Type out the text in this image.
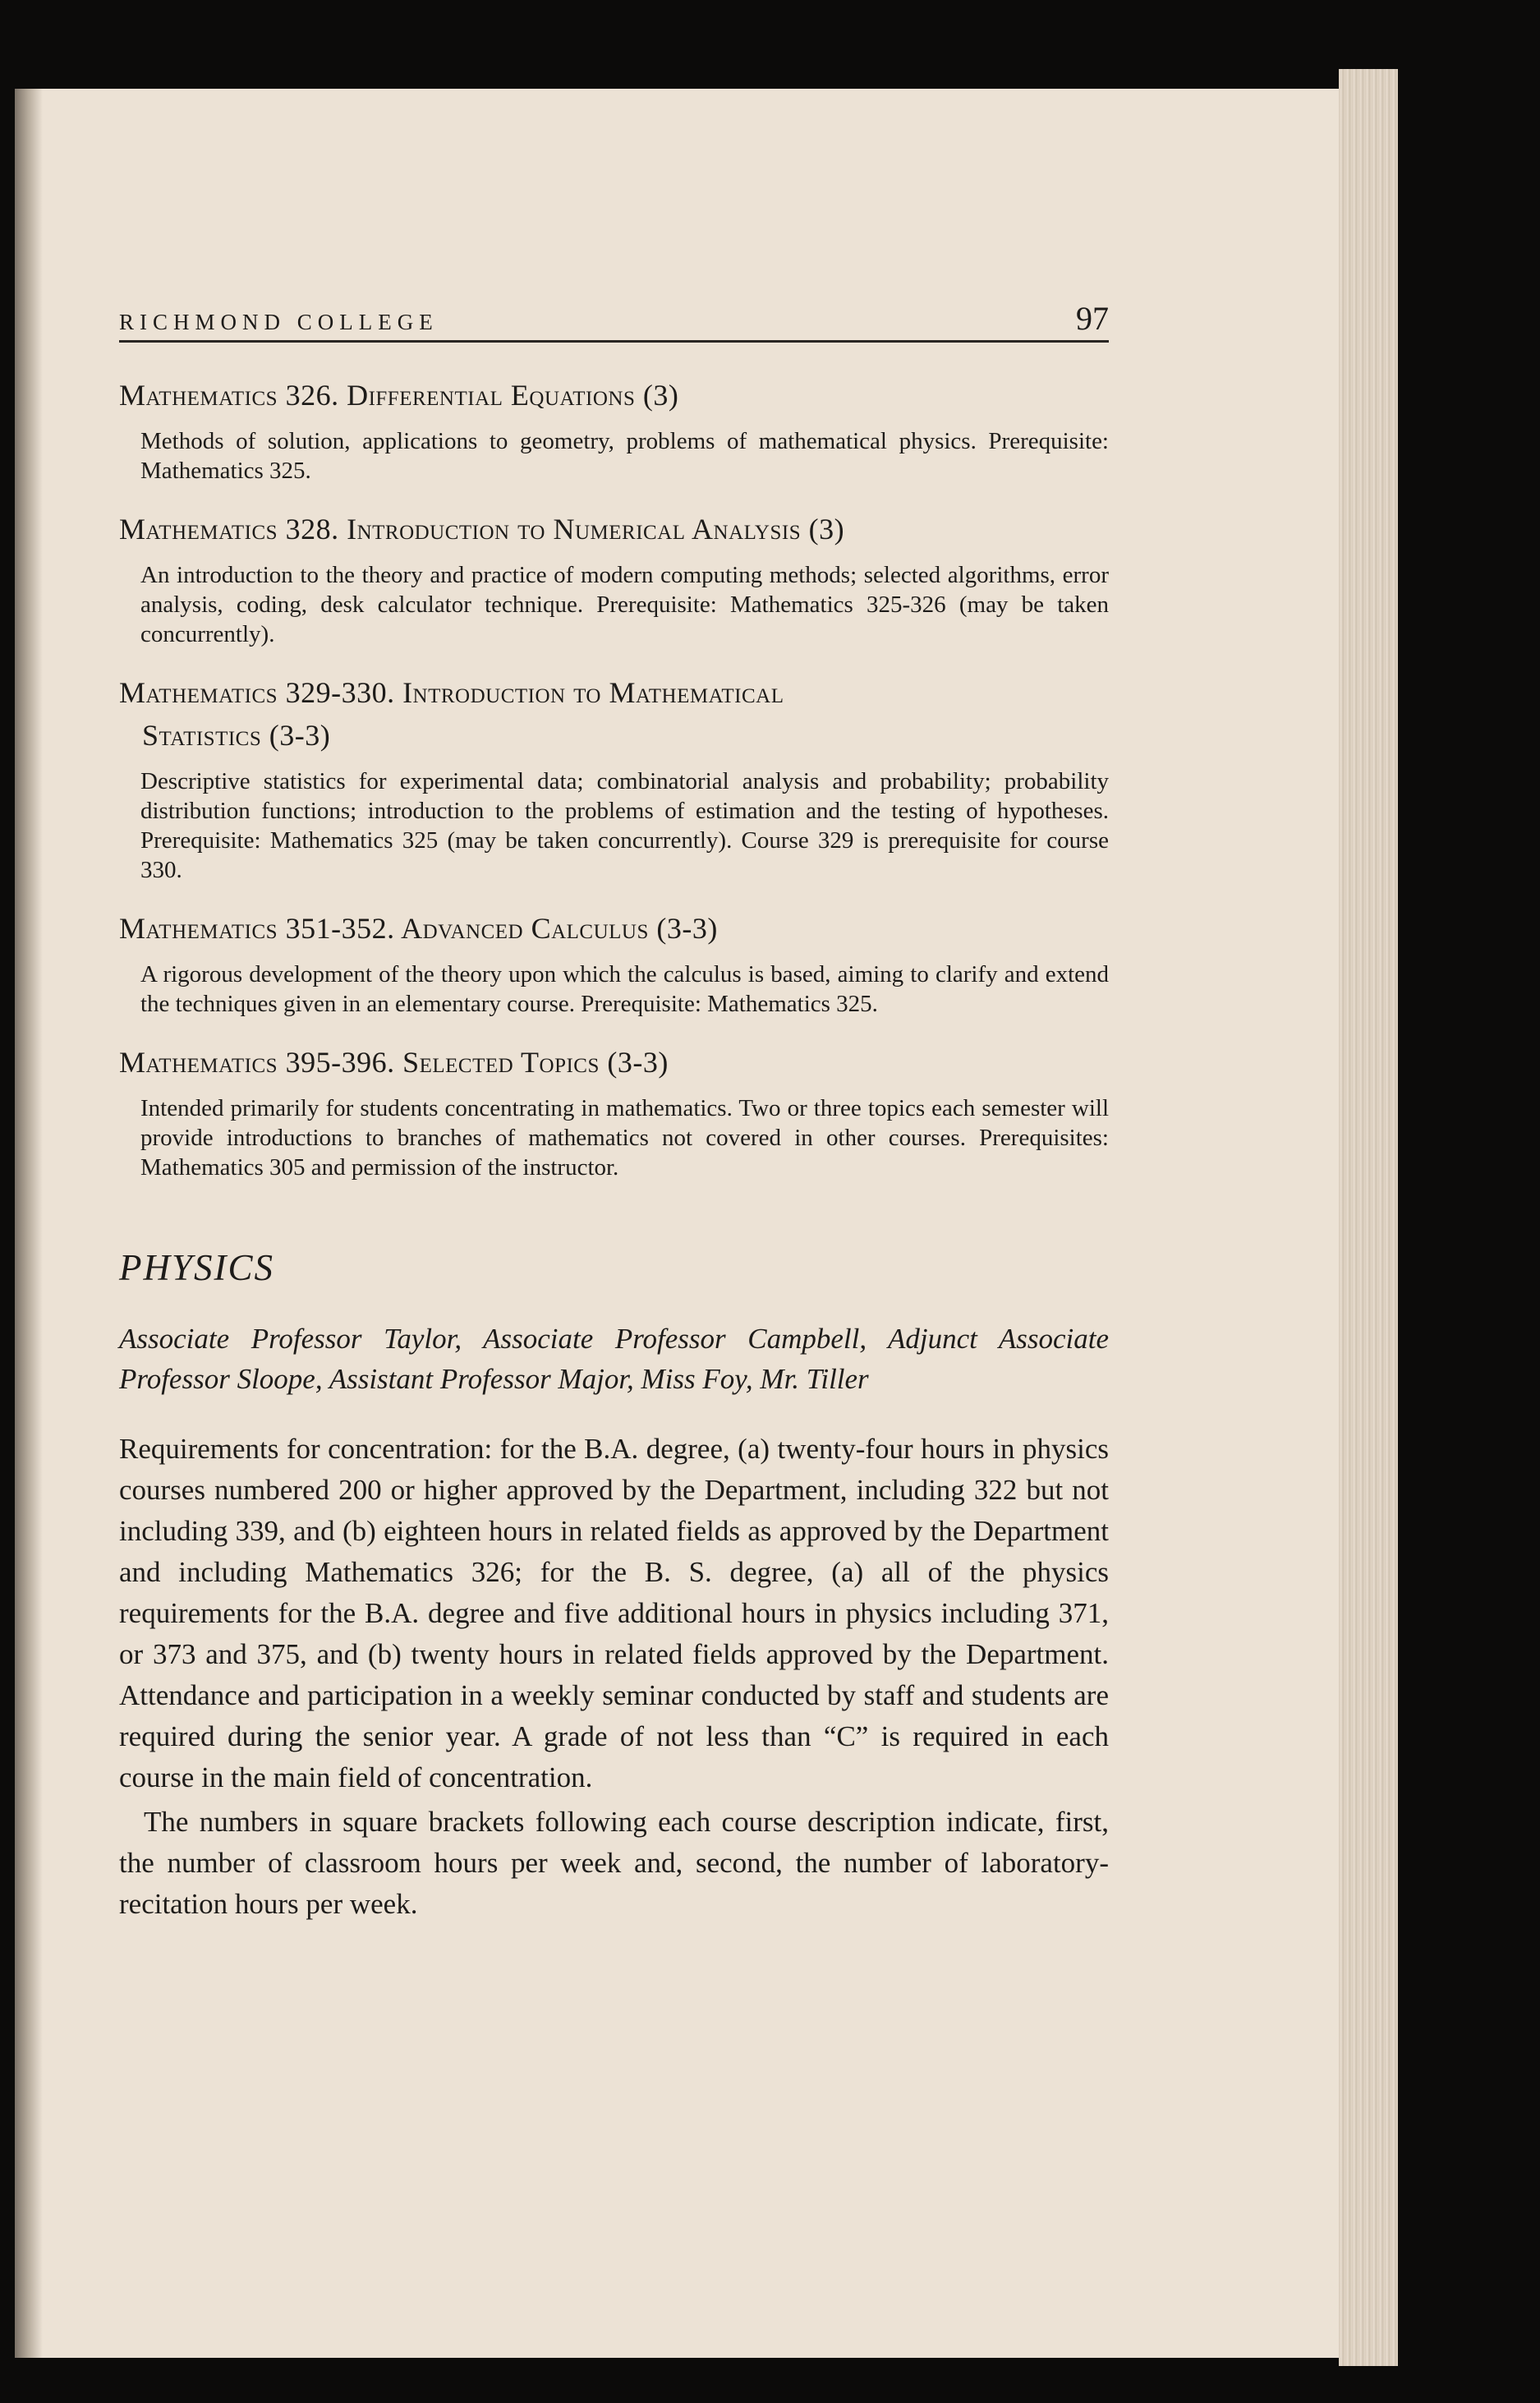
RICHMOND COLLEGE	97

Mathematics 326. Differential Equations (3)

Methods of solution, applications to geometry, problems of mathematical physics. Prerequisite: Mathematics 325.

Mathematics 328. Introduction to Numerical Analysis (3)

An introduction to the theory and practice of modern computing methods; selected algorithms, error analysis, coding, desk calculator technique. Prerequisite: Mathematics 325-326 (may be taken concurrently).

Mathematics 329-330. Introduction to Mathematical
Statistics (3-3)

Descriptive statistics for experimental data; combinatorial analysis and probability; probability distribution functions; introduction to the problems of estimation and the testing of hypotheses. Prerequisite: Mathematics 325 (may be taken concurrently). Course 329 is prerequisite for course 330.

Mathematics 351-352. Advanced Calculus (3-3)

A rigorous development of the theory upon which the calculus is based, aiming to clarify and extend the techniques given in an elementary course. Prerequisite: Mathematics 325.

Mathematics 395-396. Selected Topics (3-3)

Intended primarily for students concentrating in mathematics. Two or three topics each semester will provide introductions to branches of mathematics not covered in other courses. Prerequisites: Mathematics 305 and permission of the instructor.

PHYSICS

Associate Professor Taylor, Associate Professor Campbell, Adjunct Associate Professor Sloope, Assistant Professor Major, Miss Foy, Mr. Tiller

Requirements for concentration: for the B.A. degree, (a) twenty-four hours in physics courses numbered 200 or higher approved by the Department, including 322 but not including 339, and (b) eighteen hours in related fields as approved by the Department and including Mathematics 326; for the B. S. degree, (a) all of the physics requirements for the B.A. degree and five additional hours in physics including 371, or 373 and 375, and (b) twenty hours in related fields approved by the Department. Attendance and participation in a weekly seminar conducted by staff and students are required during the senior year. A grade of not less than “C” is required in each course in the main field of concentration.

The numbers in square brackets following each course description indicate, first, the number of classroom hours per week and, second, the number of laboratory-recitation hours per week.
